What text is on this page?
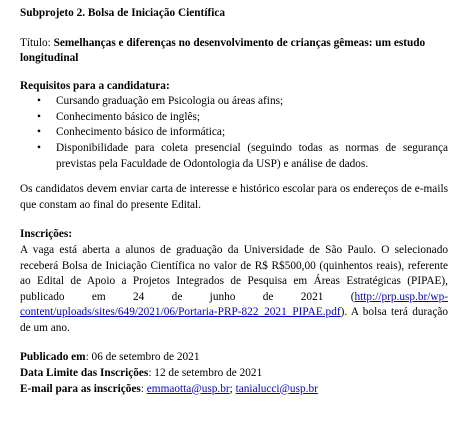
Subprojeto 2. Bolsa de Iniciação Científica

Título: Semelhanças e diferenças no desenvolvimento de crianças gêmeas: um estudo longitudinal

Requisitos para a candidatura:

• Cursando graduação em Psicologia ou áreas afins;
• Conhecimento básico de inglês;
• Conhecimento básico de informática;
• Disponibilidade para coleta presencial (seguindo todas as normas de segurança previstas pela Faculdade de Odontologia da USP) e análise de dados.

Os candidatos devem enviar carta de interesse e histórico escolar para os endereços de e-mails que constam ao final do presente Edital.

Inscrições:

A vaga está aberta a alunos de graduação da Universidade de São Paulo. O selecionado receberá Bolsa de Iniciação Científica no valor de R$ R$500,00 (quinhentos reais), referente ao Edital de Apoio a Projetos Integrados de Pesquisa em Áreas Estratégicas (PIPAE), publicado em 24 de junho de 2021 (http://prp.usp.br/wp-content/uploads/sites/649/2021/06/Portaria-PRP-822_2021_PIPAE.pdf). A bolsa terá duração de um ano.

Publicado em: 06 de setembro de 2021

Data Limite das Inscrições: 12 de setembro de 2021

E-mail para as inscrições: emmaotta@usp.br; tanialucci@usp.br
